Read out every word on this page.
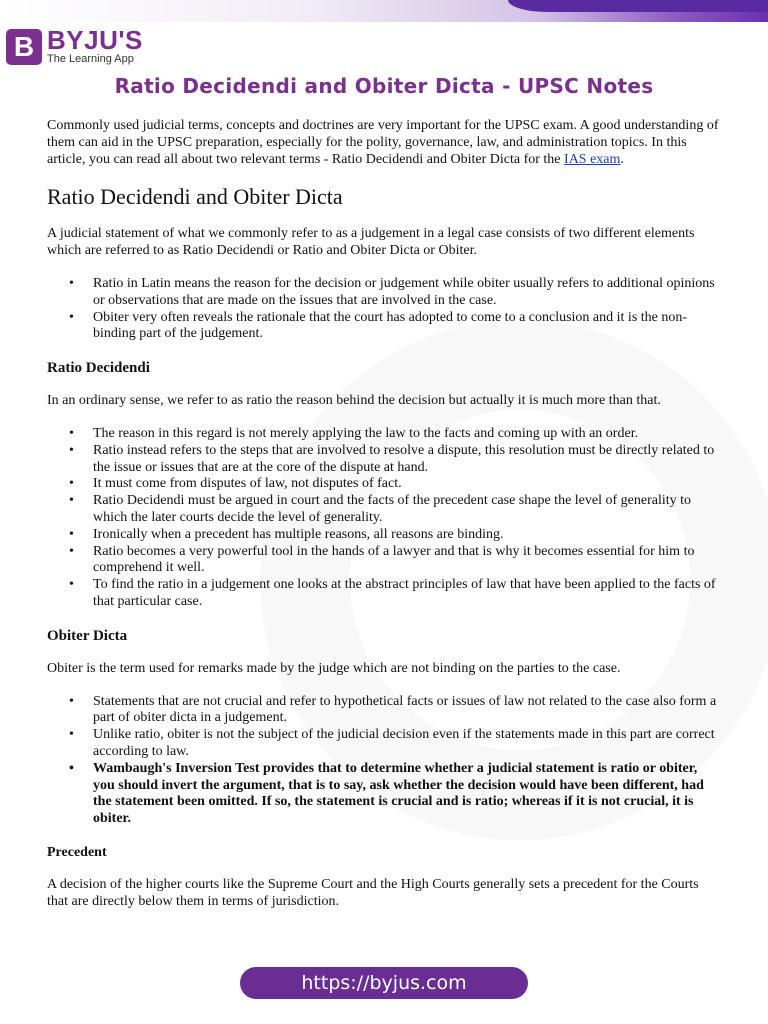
B BYJU'S
The Learning App
Ratio Decidendi and Obiter Dicta - UPSC Notes

Commonly used judicial terms, concepts and doctrines are very important for the UPSC exam. A good understanding of them can aid in the UPSC preparation, especially for the polity, governance, law, and administration topics. In this article, you can read all about two relevant terms - Ratio Decidendi and Obiter Dicta for the IAS exam.

Ratio Decidendi and Obiter Dicta

A judicial statement of what we commonly refer to as a judgement in a legal case consists of two different elements which are referred to as Ratio Decidendi or Ratio and Obiter Dicta or Obiter.

• Ratio in Latin means the reason for the decision or judgement while obiter usually refers to additional opinions or observations that are made on the issues that are involved in the case.
• Obiter very often reveals the rationale that the court has adopted to come to a conclusion and it is the non-binding part of the judgement.
Ratio Decidendi

In an ordinary sense, we refer to as ratio the reason behind the decision but actually it is much more than that.

• The reason in this regard is not merely applying the law to the facts and coming up with an order.
• Ratio instead refers to the steps that are involved to resolve a dispute, this resolution must be directly related to the issue or issues that are at the core of the dispute at hand.
• It must come from disputes of law, not disputes of fact.
• Ratio Decidendi must be argued in court and the facts of the precedent case shape the level of generality to which the later courts decide the level of generality.
• Ironically when a precedent has multiple reasons, all reasons are binding.
• Ratio becomes a very powerful tool in the hands of a lawyer and that is why it becomes essential for him to comprehend it well.
• To find the ratio in a judgement one looks at the abstract principles of law that have been applied to the facts of that particular case.
Obiter Dicta

Obiter is the term used for remarks made by the judge which are not binding on the parties to the case.

• Statements that are not crucial and refer to hypothetical facts or issues of law not related to the case also form a part of obiter dicta in a judgement.
• Unlike ratio, obiter is not the subject of the judicial decision even if the statements made in this part are correct according to law.
• Wambaugh's Inversion Test provides that to determine whether a judicial statement is ratio or obiter, you should invert the argument, that is to say, ask whether the decision would have been different, had the statement been omitted. If so, the statement is crucial and is ratio; whereas if it is not crucial, it is obiter.
Precedent

A decision of the higher courts like the Supreme Court and the High Courts generally sets a precedent for the Courts that are directly below them in terms of jurisdiction.

https://byjus.com
